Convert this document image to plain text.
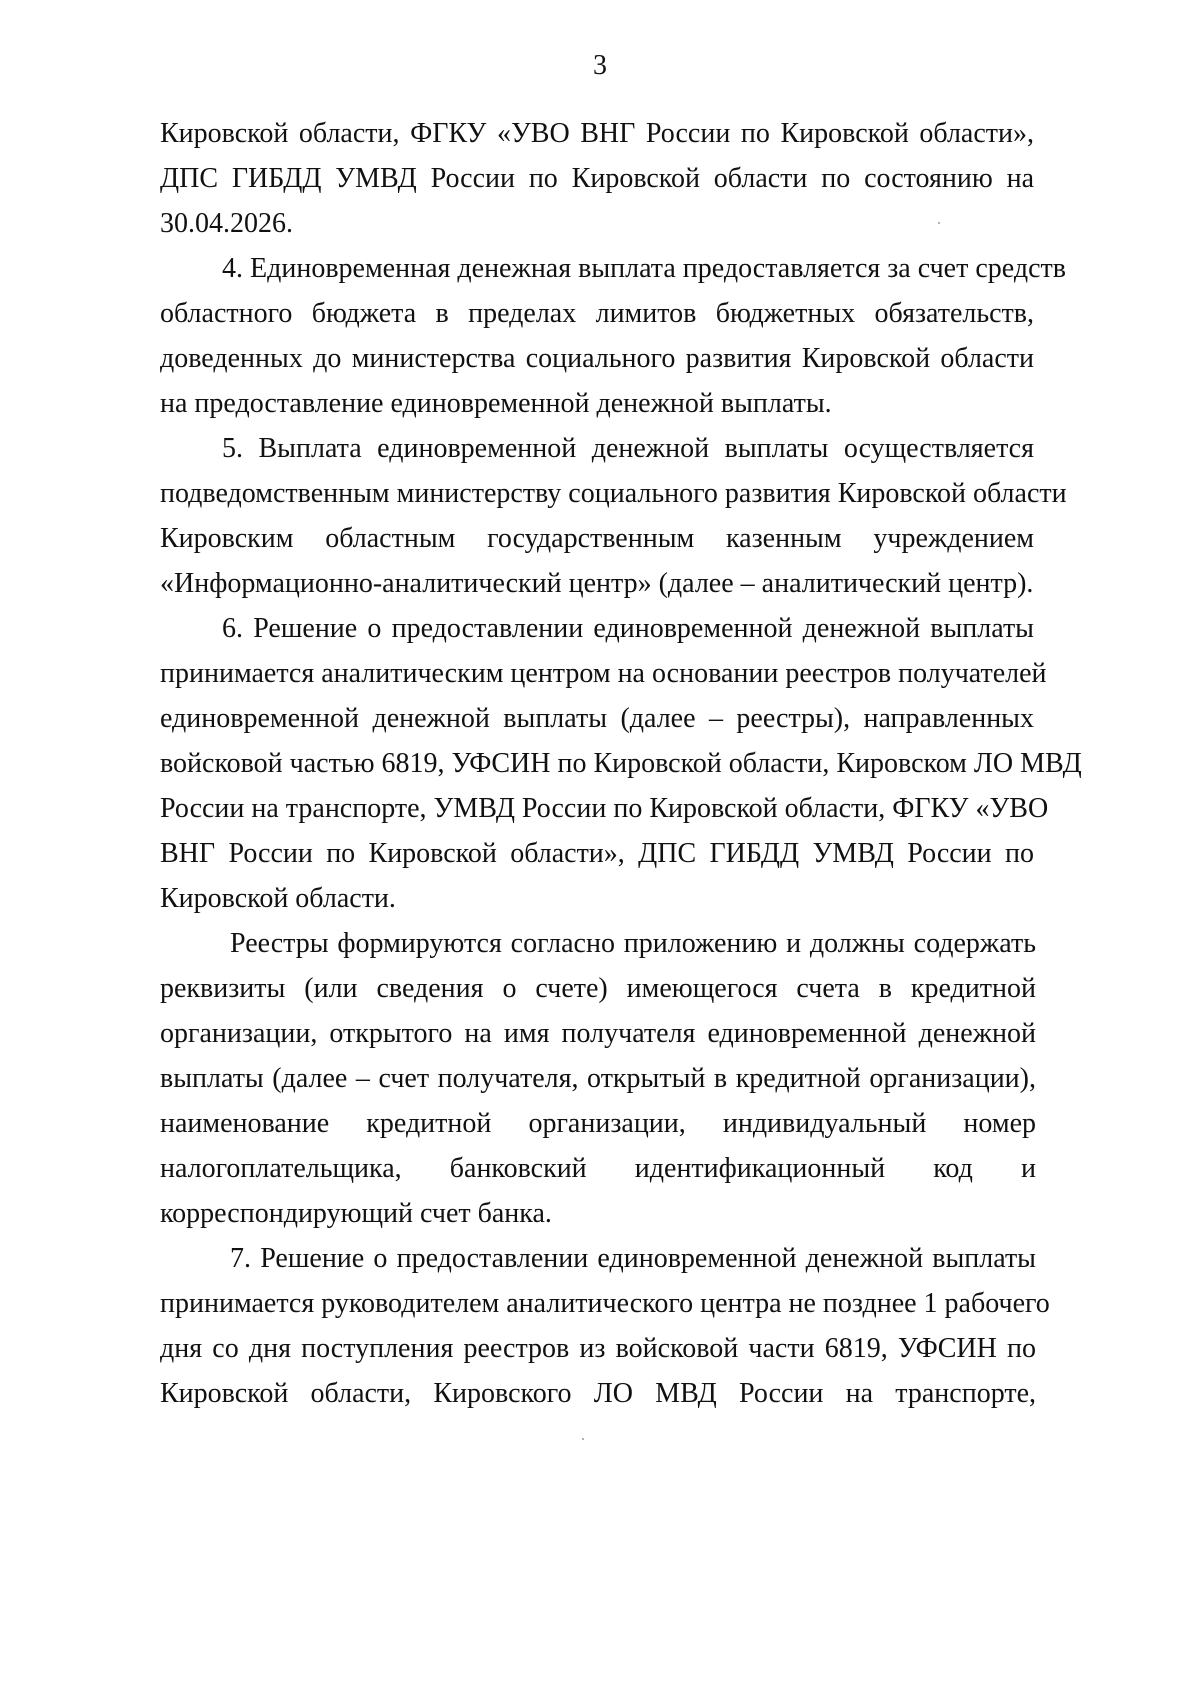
3
Кировской области, ФГКУ «УВО ВНГ России по Кировской области»,
ДПС ГИБДД УМВД России по Кировской области по состоянию на
30.04.2026.
4. Единовременная денежная выплата предоставляется за счет средств
областного бюджета в пределах лимитов бюджетных обязательств,
доведенных до министерства социального развития Кировской области
на предоставление единовременной денежной выплаты.
5. Выплата единовременной денежной выплаты осуществляется
подведомственным министерству социального развития Кировской области
Кировским областным государственным казенным учреждением
«Информационно-аналитический центр» (далее – аналитический центр).
6. Решение о предоставлении единовременной денежной выплаты
принимается аналитическим центром на основании реестров получателей
единовременной денежной выплаты (далее – реестры), направленных
войсковой частью 6819, УФСИН по Кировской области, Кировском ЛО МВД
России на транспорте, УМВД России по Кировской области, ФГКУ «УВО
ВНГ России по Кировской области», ДПС ГИБДД УМВД России по
Кировской области.
Реестры формируются согласно приложению и должны содержать
реквизиты (или сведения о счете) имеющегося счета в кредитной
организации, открытого на имя получателя единовременной денежной
выплаты (далее – счет получателя, открытый в кредитной организации),
наименование кредитной организации, индивидуальный номер
налогоплательщика, банковский идентификационный код и
корреспондирующий счет банка.
7. Решение о предоставлении единовременной денежной выплаты
принимается руководителем аналитического центра не позднее 1 рабочего
дня со дня поступления реестров из войсковой части 6819, УФСИН по
Кировской области, Кировского ЛО МВД России на транспорте,
